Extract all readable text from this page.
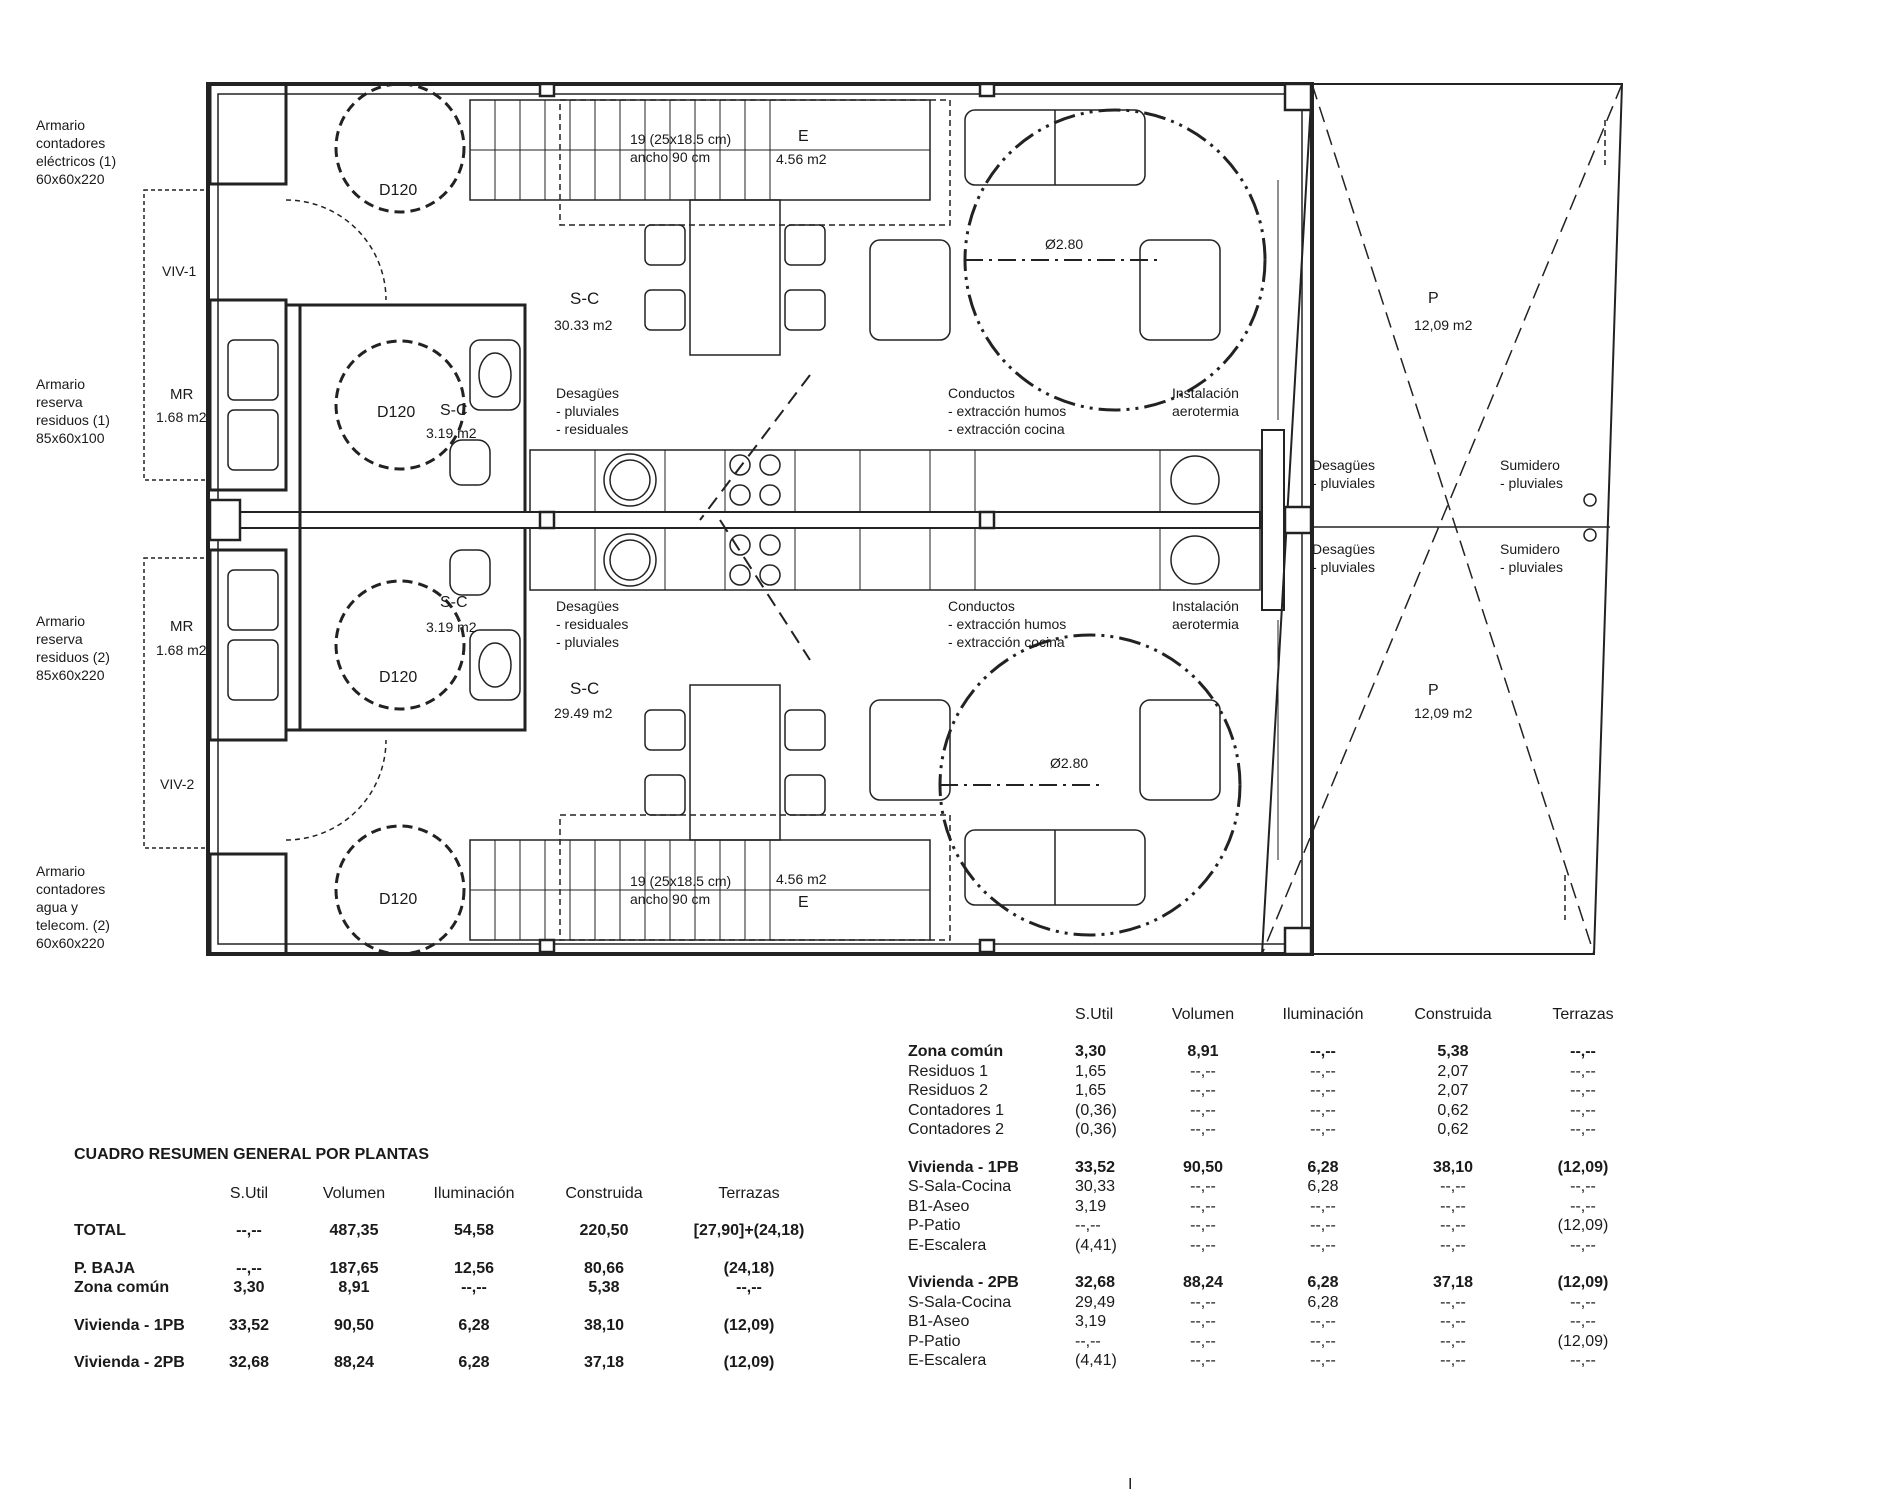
Armario
contadores
eléctricos (1)
60x60x220
Armario
reserva
residuos (1)
85x60x100
Armario
reserva
residuos (2)
85x60x220
Armario
contadores
agua y
telecom. (2)
60x60x220
VIV-1
VIV-2
MR
1.68 m2
MR
1.68 m2
D120
D120
D120
D120
S-C
3.19 m2
S-C
3.19 m2
19 (25x18.5 cm)
ancho 90 cm
E
4.56 m2
19 (25x18.5 cm)
ancho 90 cm
4.56 m2
E
S-C
30.33 m2
S-C
29.49 m2
Ø2.80
Ø2.80
Desagües
- pluviales
- residuales
Desagües
- residuales
- pluviales
Conductos
- extracción humos
- extracción cocina
Conductos
- extracción humos
- extracción cocina
Instalación
aerotermia
Instalación
aerotermia
Desagües
- pluviales
Desagües
- pluviales
Sumidero
- pluviales
Sumidero
- pluviales
P
12,09 m2
P
12,09 m2
S.Util	Volumen	Iluminación	Construida	Terrazas
Zona común	3,30	8,91	--,--	5,38	--,--
Residuos 1	1,65	--,--	--,--	2,07	--,--
Residuos 2	1,65	--,--	--,--	2,07	--,--
Contadores 1	(0,36)	--,--	--,--	0,62	--,--
Contadores 2	(0,36)	--,--	--,--	0,62	--,--
Vivienda - 1PB	33,52	90,50	6,28	38,10	(12,09)
S-Sala-Cocina	30,33	--,--	6,28	--,--	--,--
B1-Aseo	3,19	--,--	--,--	--,--	--,--
P-Patio	--,--	--,--	--,--	--,--	(12,09)
E-Escalera	(4,41)	--,--	--,--	--,--	--,--
Vivienda - 2PB	32,68	88,24	6,28	37,18	(12,09)
S-Sala-Cocina	29,49	--,--	6,28	--,--	--,--
B1-Aseo	3,19	--,--	--,--	--,--	--,--
P-Patio	--,--	--,--	--,--	--,--	(12,09)
E-Escalera	(4,41)	--,--	--,--	--,--	--,--
CUADRO RESUMEN GENERAL POR PLANTAS
S.Util	Volumen	Iluminación	Construida	Terrazas
TOTAL	--,--	487,35	54,58	220,50	[27,90]+(24,18)
P. BAJA	--,--	187,65	12,56	80,66	(24,18)
Zona común	3,30	8,91	--,--	5,38	--,--
Vivienda - 1PB	33,52	90,50	6,28	38,10	(12,09)
Vivienda - 2PB	32,68	88,24	6,28	37,18	(12,09)
I
